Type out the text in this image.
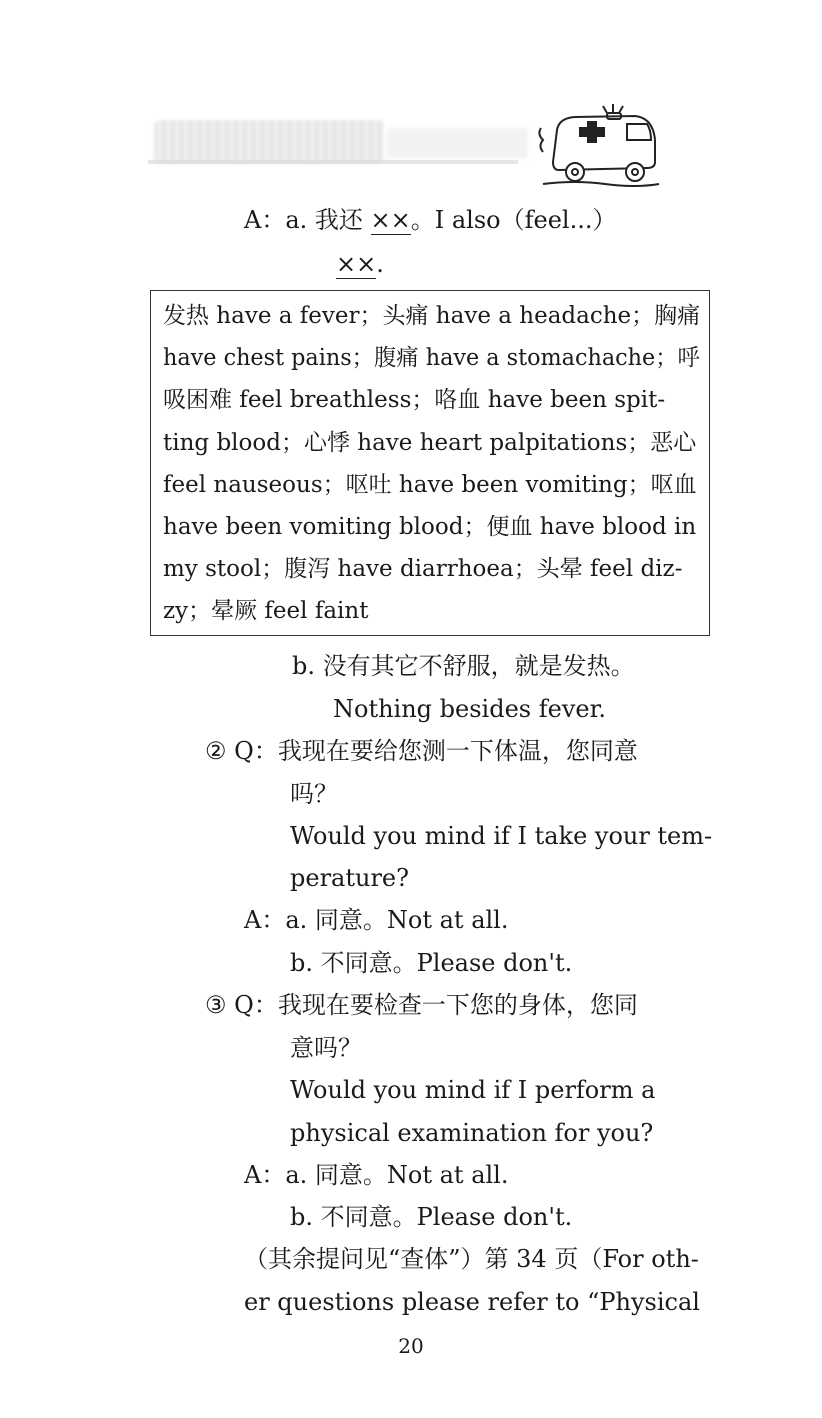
A：a. 我还 ××。I also（feel...）
××.
发热 have a fever；头痛 have a headache；胸痛
have chest pains；腹痛 have a stomachache；呼
吸困难 feel breathless；咯血 have been spit-
ting blood；心悸 have heart palpitations；恶心
feel nauseous；呕吐 have been vomiting；呕血
have been vomiting blood；便血 have blood in
my stool；腹泻 have diarrhoea；头晕 feel diz-
zy；晕厥 feel faint
b. 没有其它不舒服，就是发热。
Nothing besides fever.
② Q：我现在要给您测一下体温，您同意
吗？
Would you mind if I take your tem-
perature?
A：a. 同意。Not at all.
b. 不同意。Please don't.
③ Q：我现在要检查一下您的身体，您同
意吗？
Would you mind if I perform a
physical examination for you?
A：a. 同意。Not at all.
b. 不同意。Please don't.
（其余提问见“查体”）第 34 页（For oth-
er questions please refer to “Physical
20
